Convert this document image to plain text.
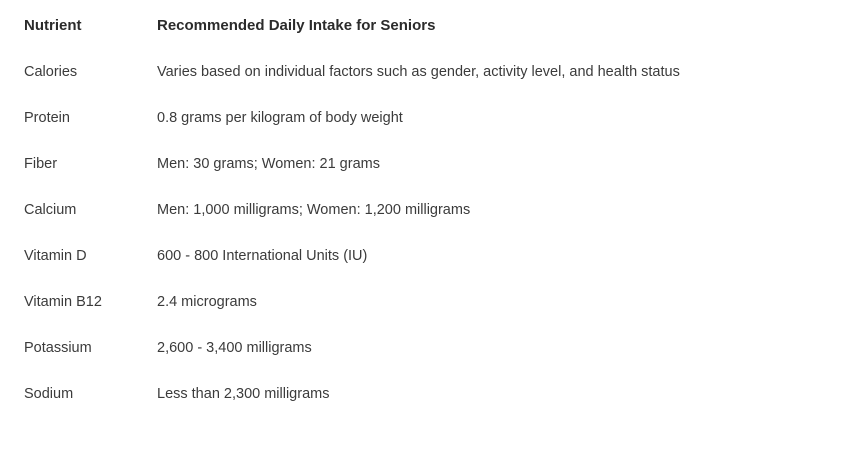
Nutrient	Recommended Daily Intake for Seniors
Calories	Varies based on individual factors such as gender, activity level, and health status
Protein	0.8 grams per kilogram of body weight
Fiber	Men: 30 grams; Women: 21 grams
Calcium	Men: 1,000 milligrams; Women: 1,200 milligrams
Vitamin D	600 - 800 International Units (IU)
Vitamin B12	2.4 micrograms
Potassium	2,600 - 3,400 milligrams
Sodium	Less than 2,300 milligrams
